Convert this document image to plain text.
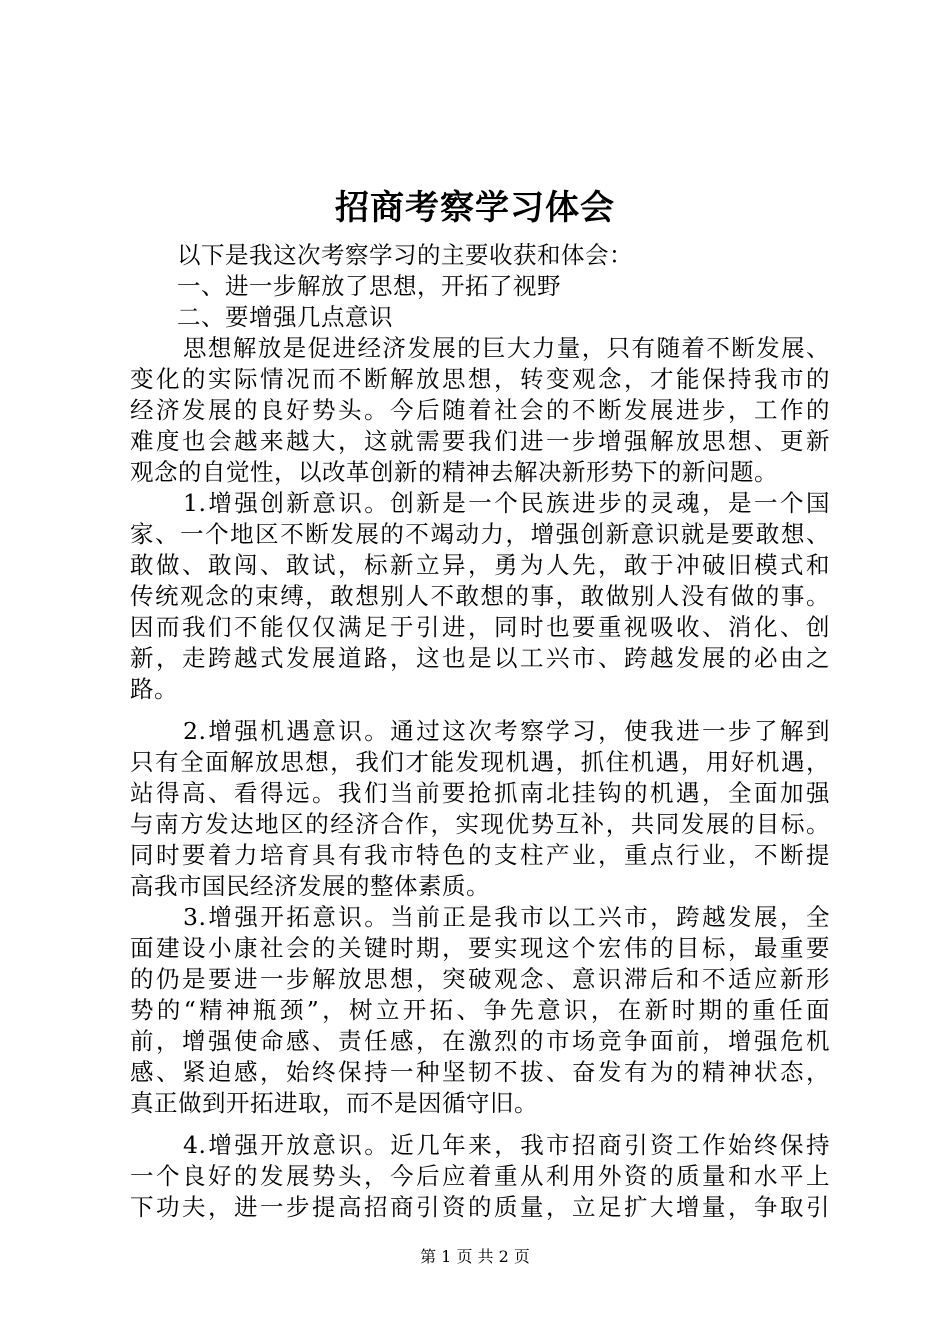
招商考察学习体会
以下是我这次考察学习的主要收获和体会：
一、进一步解放了思想，开拓了视野
二、要增强几点意识
思想解放是促进经济发展的巨大力量，只有随着不断发展、
变化的实际情况而不断解放思想，转变观念，才能保持我市的
经济发展的良好势头。今后随着社会的不断发展进步，工作的
难度也会越来越大，这就需要我们进一步增强解放思想、更新
观念的自觉性，以改革创新的精神去解决新形势下的新问题。
1.增强创新意识。创新是一个民族进步的灵魂，是一个国
家、一个地区不断发展的不竭动力，增强创新意识就是要敢想、
敢做、敢闯、敢试，标新立异，勇为人先，敢于冲破旧模式和
传统观念的束缚，敢想别人不敢想的事，敢做别人没有做的事。
因而我们不能仅仅满足于引进，同时也要重视吸收、消化、创
新，走跨越式发展道路，这也是以工兴市、跨越发展的必由之
路。
2.增强机遇意识。通过这次考察学习，使我进一步了解到
只有全面解放思想，我们才能发现机遇，抓住机遇，用好机遇，
站得高、看得远。我们当前要抢抓南北挂钩的机遇，全面加强
与南方发达地区的经济合作，实现优势互补，共同发展的目标。
同时要着力培育具有我市特色的支柱产业，重点行业，不断提
高我市国民经济发展的整体素质。
3.增强开拓意识。当前正是我市以工兴市，跨越发展，全
面建设小康社会的关键时期，要实现这个宏伟的目标，最重要
的仍是要进一步解放思想，突破观念、意识滞后和不适应新形
势的“精神瓶颈”，树立开拓、争先意识，在新时期的重任面
前，增强使命感、责任感，在激烈的市场竞争面前，增强危机
感、紧迫感，始终保持一种坚韧不拔、奋发有为的精神状态，
真正做到开拓进取，而不是因循守旧。
4.增强开放意识。近几年来，我市招商引资工作始终保持
一个良好的发展势头，今后应着重从利用外资的质量和水平上
下功夫，进一步提高招商引资的质量，立足扩大增量，争取引
第 1 页 共 2 页
